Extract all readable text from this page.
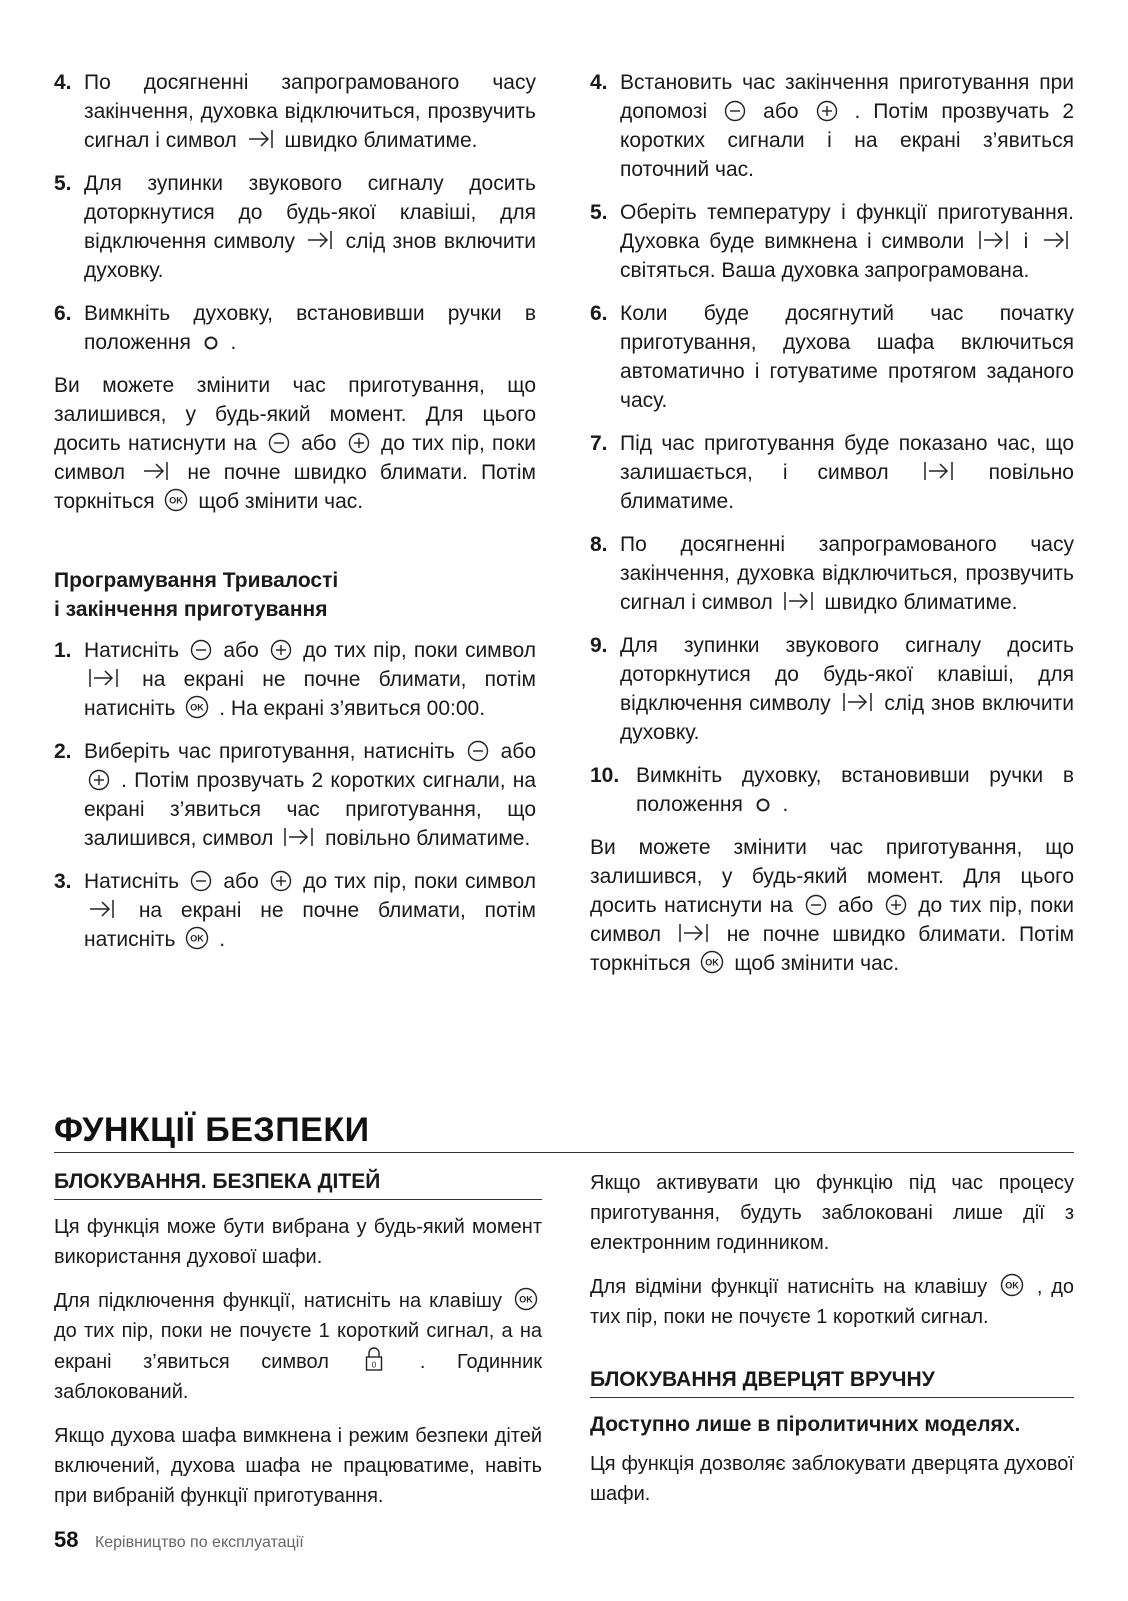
4. По досягненні запрограмованого часу закінчення, духовка відключиться, прозвучить сигнал і символ швидко блиматиме.
5. Для зупинки звукового сигналу досить доторкнутися до будь-якої клавіші, для відключення символу слід знов включити духовку.
6. Вимкніть духовку, встановивши ручки в положення .

Ви можете змінити час приготування, що залишився, у будь-який момент. Для цього досить натиснути на або до тих пір, поки символ	не почне швидко блимати. Потім торкніться OK щоб змінити час.

Програмування Тривалості
і закінчення приготування
1. Натисніть або до тих пір, поки символ  на екрані не почне блимати, потім натисніть OK . На екрані з’явиться 00:00.
2. Виберіть час приготування, натисніть або  . Потім прозвучать 2 коротких сигнали, на екрані з’явиться час приготування, що залишився, символ повільно блиматиме.
3. Натисніть або до тих пір, поки символ  на екрані не почне блимати, потім натисніть OK .
4. Встановить час закінчення приготування при допомозі	або	. Потім прозвучать 2 коротких сигнали і на екрані з’явиться поточний час.
5. Оберіть температуру і функції приготування. Духовка буде вимкнена і символи	і  світяться. Ваша духовка запрограмована.
6. Коли буде досягнутий час початку приготування, духова шафа включиться автоматично і готуватиме протягом заданого часу.
7. Під час приготування буде показано час, що залишається, і символ	повільно блиматиме.
8. По досягненні запрограмованого часу закінчення, духовка відключиться, прозвучить сигнал і символ швидко блиматиме.
9. Для зупинки звукового сигналу досить доторкнутися до будь-якої клавіші, для відключення символу	слід знов включити духовку.
10. Вимкніть духовку, встановивши ручки в положення .

Ви можете змінити час приготування, що залишився, у будь-який момент. Для цього досить натиснути на або до тих пір, поки символ	не почне швидко блимати. Потім торкніться OK щоб змінити час.

ФУНКЦІЇ БЕЗПЕКИ
БЛОКУВАННЯ. БЕЗПЕКА ДІТЕЙ

Ця функція може бути вибрана у будь-який момент використання духової шафи.

Для підключення функції, натисніть на клавішу OK
до тих пір, поки не почуєте 1 короткий сигнал, а на екрані з’явиться символ	0 . Годинник заблокований.

Якщо духова шафа вимкнена і режим безпеки дітей включений, духова шафа не працюватиме, навіть при вибраній функції приготування.

Якщо активувати цю функцію під час процесу приготування, будуть заблоковані лише дії з електронним годинником.

Для відміни функції натисніть на клавішу OK , до тих пір, поки не почуєте 1 короткий сигнал.

БЛОКУВАННЯ ДВЕРЦЯТ ВРУЧНУ
Доступно лише в піролитичних моделях.

Ця функція дозволяє заблокувати дверцята духової шафи.

58 Керівництво по експлуатації
